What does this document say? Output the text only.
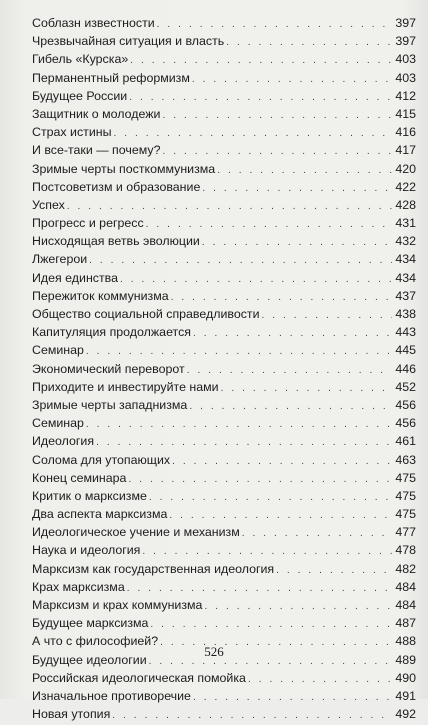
Соблазн известности . . .	397
Чрезвычайная ситуация и власть . . .	397
Гибель «Курска» . . .	403
Перманентный реформизм . . .	403
Будущее России . . .	412
Защитник о молодежи . . .	415
Страх истины . . .	416
И все-таки — почему? . . .	417
Зримые черты посткоммунизма . . .	420
Постсоветизм и образование . . .	422
Успех . . .	428
Прогресс и регресс . . .	431
Нисходящая ветвь эволюции . . .	432
Лжегерои . . .	434
Идея единства . . .	434
Пережиток коммунизма . . .	437
Общество социальной справедливости . . .	438
Капитуляция продолжается . . .	443
Семинар . . .	445
Экономический переворот . . .	446
Приходите и инвестируйте нами . . .	452
Зримые черты западнизма . . .	456
Семинар . . .	456
Идеология . . .	461
Солома для утопающих . . .	463
Конец семинара . . .	475
Критик о марксизме . . .	475
Два аспекта марксизма . . .	475
Идеологическое учение и механизм . . .	477
Наука и идеология . . .	478
Марксизм как государственная идеология . . .	482
Крах марксизма . . .	484
Марксизм и крах коммунизма . . .	484
Будущее марксизма . . .	487
А что с философией? . . .	488
Будущее идеологии . . .	489
Российская идеологическая помойка . . .	490
Изначальное противоречие . . .	491
Новая утопия . . .	492
526
